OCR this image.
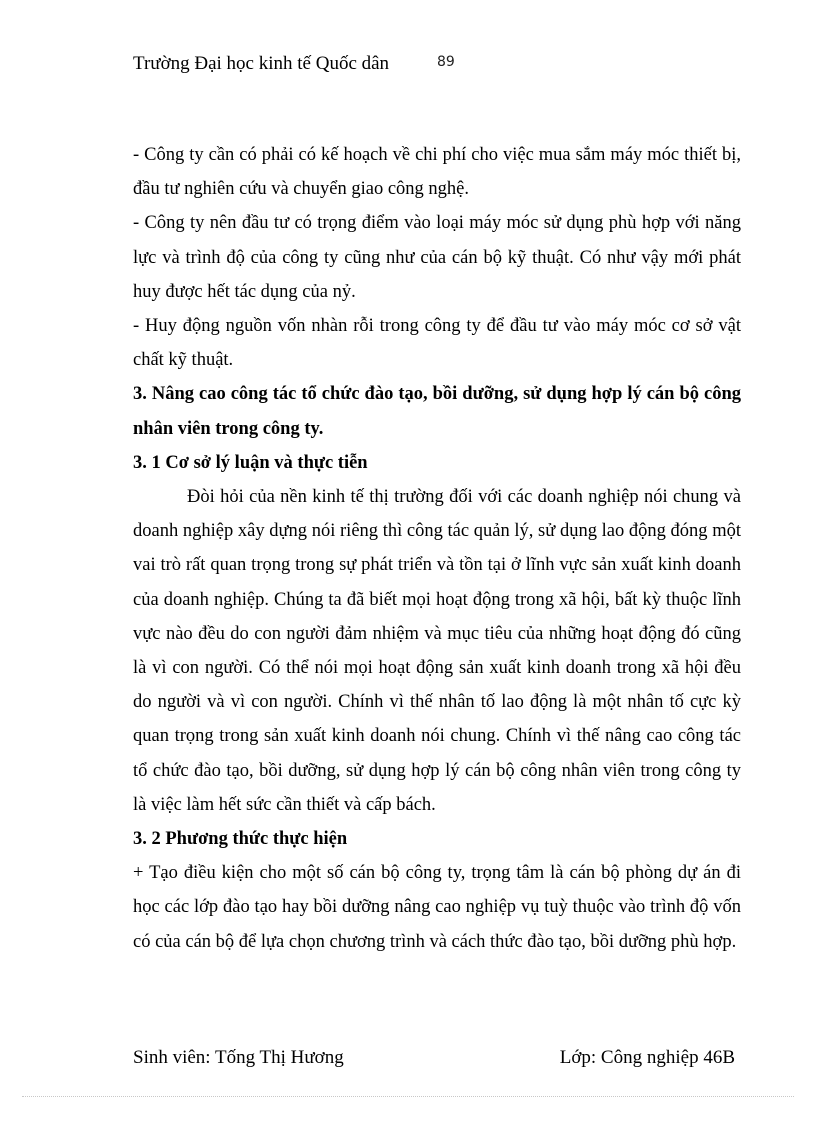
Trường Đại học kinh tế Quốc dân	89

- Công ty cần có phải có kế hoạch về chi phí cho việc mua sắm máy móc thiết bị, đầu tư nghiên cứu và chuyển giao công nghệ.

- Công ty nên đầu tư có trọng điểm vào loại máy móc sử dụng phù hợp với năng lực và trình độ của công ty cũng như của cán bộ kỹ thuật. Có như vậy mới phát huy được hết tác dụng của nỷ.

- Huy động nguồn vốn nhàn rỗi trong công ty để đầu tư vào máy móc cơ sở vật chất kỹ thuật.

3. Nâng cao công tác tổ chức đào tạo, bồi dưỡng, sử dụng hợp lý cán bộ công nhân viên trong công ty.

3. 1 Cơ sở lý luận và thực tiễn

Đòi hỏi của nền kinh tế thị trường đối với các doanh nghiệp nói chung và doanh nghiệp xây dựng nói riêng thì công tác quản lý, sử dụng lao động đóng một vai trò rất quan trọng trong sự phát triển và tồn tại ở lĩnh vực sản xuất kinh doanh của doanh nghiệp. Chúng ta đã biết mọi hoạt động trong xã hội, bất kỳ thuộc lĩnh vực nào đều do con người đảm nhiệm và mục tiêu của những hoạt động đó cũng là vì con người. Có thể nói mọi hoạt động sản xuất kinh doanh trong xã hội đều do người và vì con người. Chính vì thế nhân tố lao động là một nhân tố cực kỳ quan trọng trong sản xuất kinh doanh nói chung. Chính vì thế nâng cao công tác tổ chức đào tạo, bồi dưỡng, sử dụng hợp lý cán bộ công nhân viên trong công ty là việc làm hết sức cần thiết và cấp bách.

3. 2 Phương thức thực hiện

+ Tạo điều kiện cho một số cán bộ công ty, trọng tâm là cán bộ phòng dự án đi học các lớp đào tạo hay bồi dưỡng nâng cao nghiệp vụ tuỳ thuộc vào trình độ vốn có của cán bộ để lựa chọn chương trình và cách thức đào tạo, bồi dưỡng phù hợp.

Sinh viên: Tống Thị Hương	Lớp: Công nghiệp 46B
